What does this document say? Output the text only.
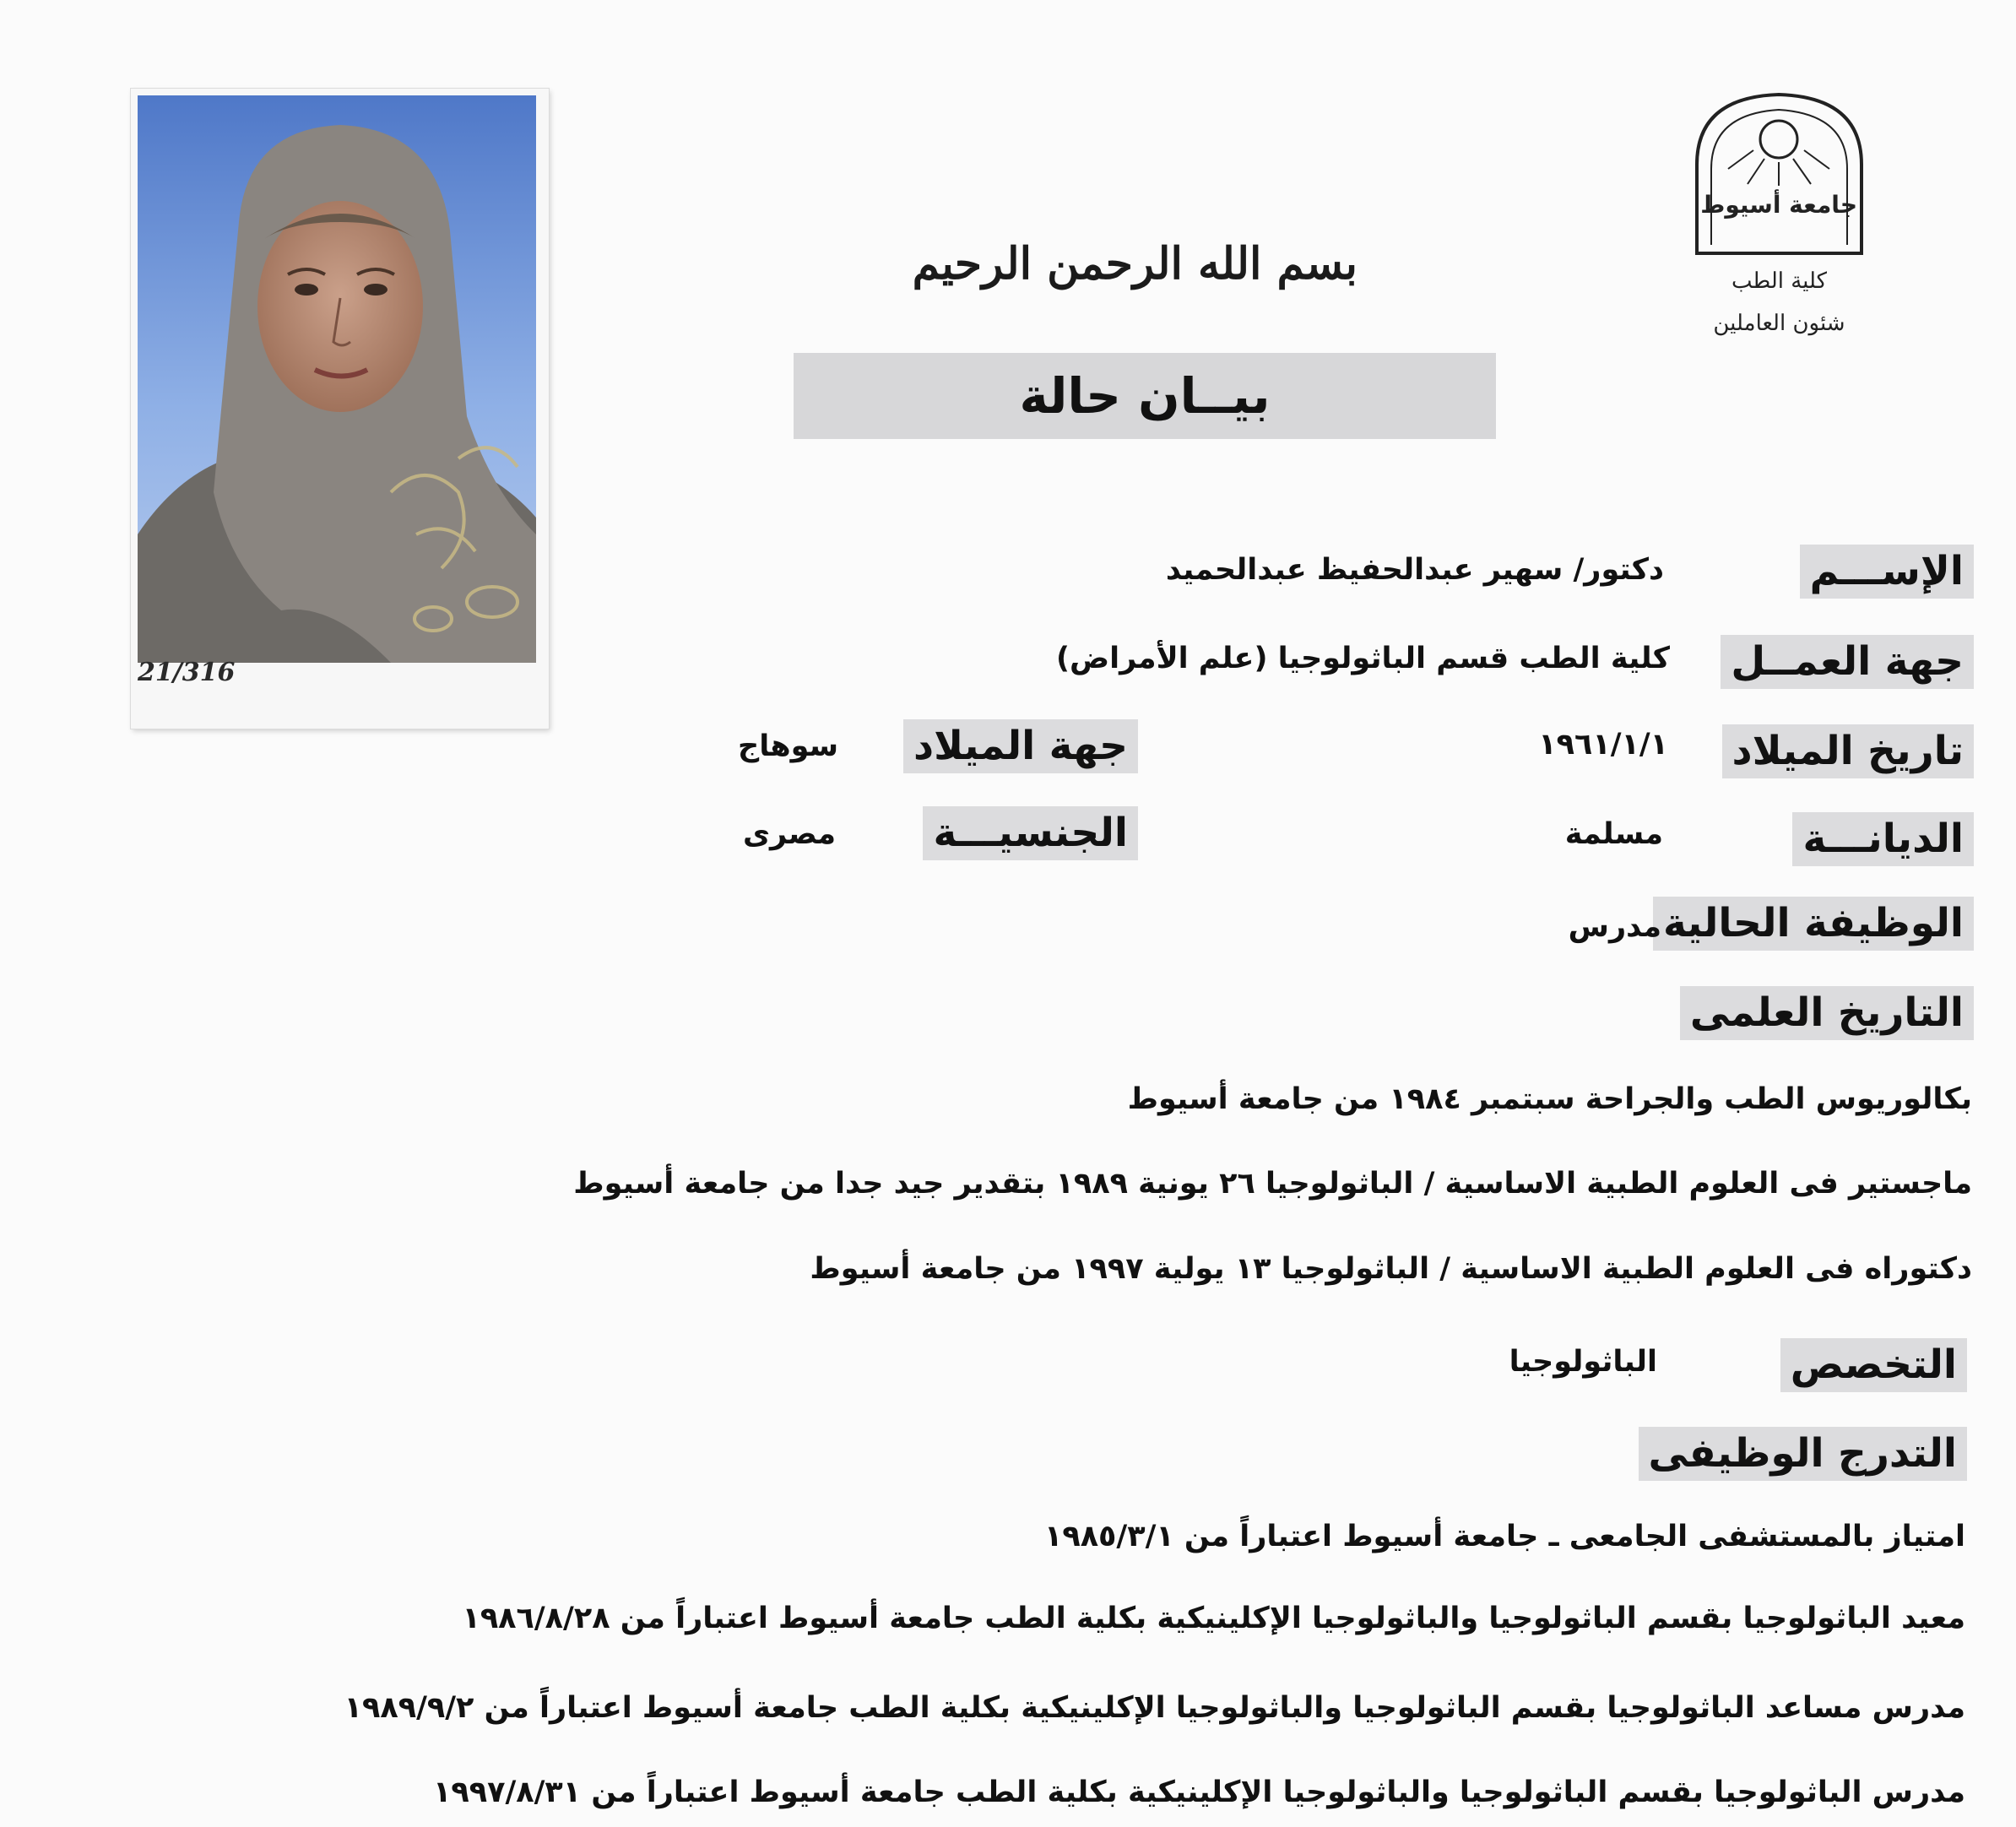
21/316
جامعة أسيوط
كلية الطب
شئون العاملين
بسم الله الرحمن الرحيم
بيــان حالة
الإســـم
دكتور/ سهير عبدالحفيظ عبدالحميد
جهة العمــل
كلية الطب قسم الباثولوجيا (علم الأمراض)
تاريخ الميلاد
١٩٦١/١/١
جهة الميلاد
سوهاج
الديانـــة
مسلمة
الجنسيـــة
مصرى
الوظيفة الحالية
مدرس
التاريخ العلمى
بكالوريوس الطب والجراحة سبتمبر ١٩٨٤ من جامعة أسيوط
ماجستير فى العلوم الطبية الاساسية / الباثولوجيا ٢٦ يونية ١٩٨٩ بتقدير جيد جدا من جامعة أسيوط
دكتوراه فى العلوم الطبية الاساسية / الباثولوجيا ١٣ يولية ١٩٩٧ من جامعة أسيوط
التخصص
الباثولوجيا
التدرج الوظيفى
امتياز بالمستشفى الجامعى ـ جامعة أسيوط اعتباراً من ١٩٨٥/٣/١
معيد الباثولوجيا بقسم الباثولوجيا والباثولوجيا الإكلينيكية بكلية الطب جامعة أسيوط اعتباراً من ١٩٨٦/٨/٢٨
مدرس مساعد الباثولوجيا بقسم الباثولوجيا والباثولوجيا الإكلينيكية بكلية الطب جامعة أسيوط اعتباراً من ١٩٨٩/٩/٢
مدرس الباثولوجيا بقسم الباثولوجيا والباثولوجيا الإكلينيكية بكلية الطب جامعة أسيوط اعتباراً من ١٩٩٧/٨/٣١
